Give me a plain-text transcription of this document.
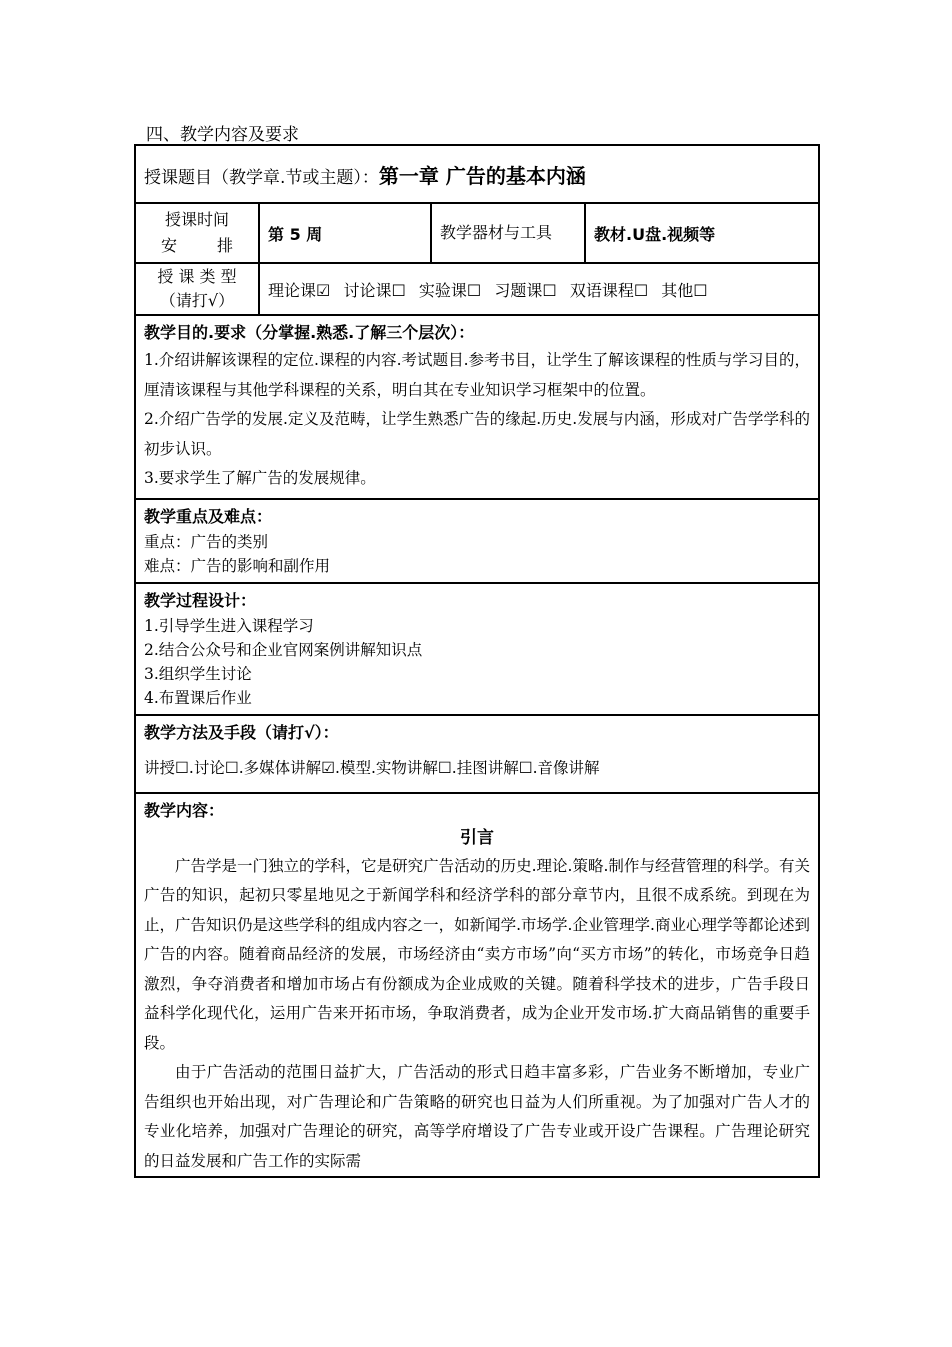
四、教学内容及要求
授课题目（教学章.节或主题）：第一章 广告的基本内涵			

授课时间
安 排	第 5 周	教学器材与工具	教材.U盘.视频等

授 课 类 型
（请打√）	理论课☑ 讨论课☐ 实验课☐ 习题课☐ 双语课程☐ 其他☐		

教学目的.要求（分掌握.熟悉.了解三个层次）：

1.介绍讲解该课程的定位.课程的内容.考试题目.参考书目，让学生了解该课程的性质与学习目的，厘清该课程与其他学科课程的关系，明白其在专业知识学习框架中的位置。

2.介绍广告学的发展.定义及范畴，让学生熟悉广告的缘起.历史.发展与内涵，形成对广告学学科的初步认识。

3.要求学生了解广告的发展规律。			

教学重点及难点：

重点：广告的类别

难点：广告的影响和副作用			

教学过程设计：

1.引导学生进入课程学习

2.结合公众号和企业官网案例讲解知识点

3.组织学生讨论

4.布置课后作业			

教学方法及手段（请打√）：

讲授☐.讨论☐.多媒体讲解☑.模型.实物讲解☐.挂图讲解☐.音像讲解			

教学内容：
引言

广告学是一门独立的学科，它是研究广告活动的历史.理论.策略.制作与经营管理的科学。有关广告的知识，起初只零星地见之于新闻学科和经济学科的部分章节内，且很不成系统。到现在为止，广告知识仍是这些学科的组成内容之一，如新闻学.市场学.企业管理学.商业心理学等都论述到广告的内容。随着商品经济的发展，市场经济由“卖方市场”向“买方市场”的转化，市场竞争日趋激烈，争夺消费者和增加市场占有份额成为企业成败的关键。随着科学技术的进步，广告手段日益科学化现代化，运用广告来开拓市场，争取消费者，成为企业开发市场.扩大商品销售的重要手段。

由于广告活动的范围日益扩大，广告活动的形式日趋丰富多彩，广告业务不断增加，专业广告组织也开始出现，对广告理论和广告策略的研究也日益为人们所重视。为了加强对广告人才的专业化培养，加强对广告理论的研究，高等学府增设了广告专业或开设广告课程。广告理论研究的日益发展和广告工作的实际需			
